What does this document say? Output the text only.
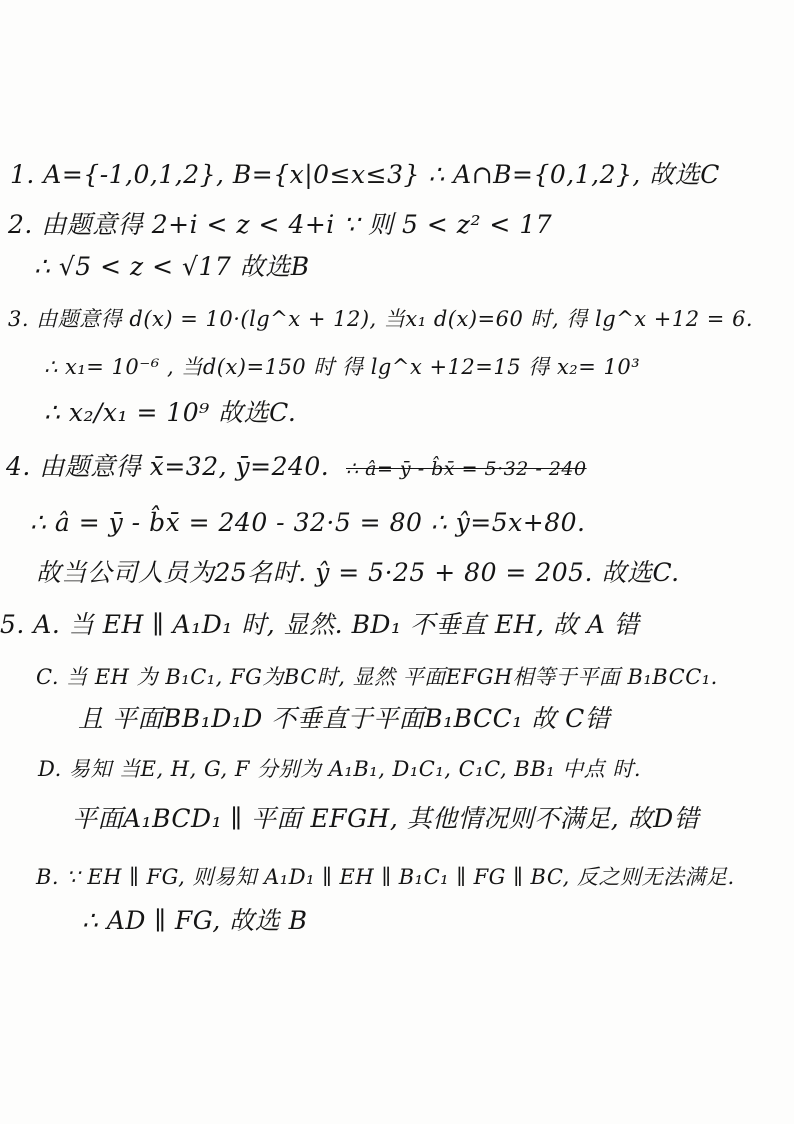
1. A={-1,0,1,2}, B={x|0≤x≤3} ∴ A∩B={0,1,2}, 故选C
2. 由题意得 2+i < z < 4+i ∵ 则 5 < z² < 17
∴ √5 < z < √17 故选B
3. 由题意得 d(x) = 10·(lg^x + 12), 当x₁ d(x)=60 时, 得 lg^x +12 = 6.
∴ x₁= 10⁻⁶ , 当d(x)=150 时 得 lg^x +12=15 得 x₂= 10³
∴ x₂/x₁ = 10⁹ 故选C.
4. 由题意得 x̄=32, ȳ=240. ∴ â= ȳ - b̂x̄ = 5·32 - 240
∴ â = ȳ - b̂x̄ = 240 - 32·5 = 80 ∴ ŷ=5x+80.
故当公司人员为25名时. ŷ = 5·25 + 80 = 205. 故选C.
5. A. 当 EH ∥ A₁D₁ 时, 显然. BD₁ 不垂直 EH, 故 A 错
C. 当 EH 为 B₁C₁, FG为BC时, 显然 平面EFGH相等于平面 B₁BCC₁.
且 平面BB₁D₁D 不垂直于平面B₁BCC₁ 故 C错
D. 易知 当E, H, G, F 分别为 A₁B₁, D₁C₁, C₁C, BB₁ 中点 时.
平面A₁BCD₁ ∥ 平面 EFGH, 其他情况则不满足, 故D错
B. ∵ EH ∥ FG, 则易知 A₁D₁ ∥ EH ∥ B₁C₁ ∥ FG ∥ BC, 反之则无法满足.
∴ AD ∥ FG, 故选 B
